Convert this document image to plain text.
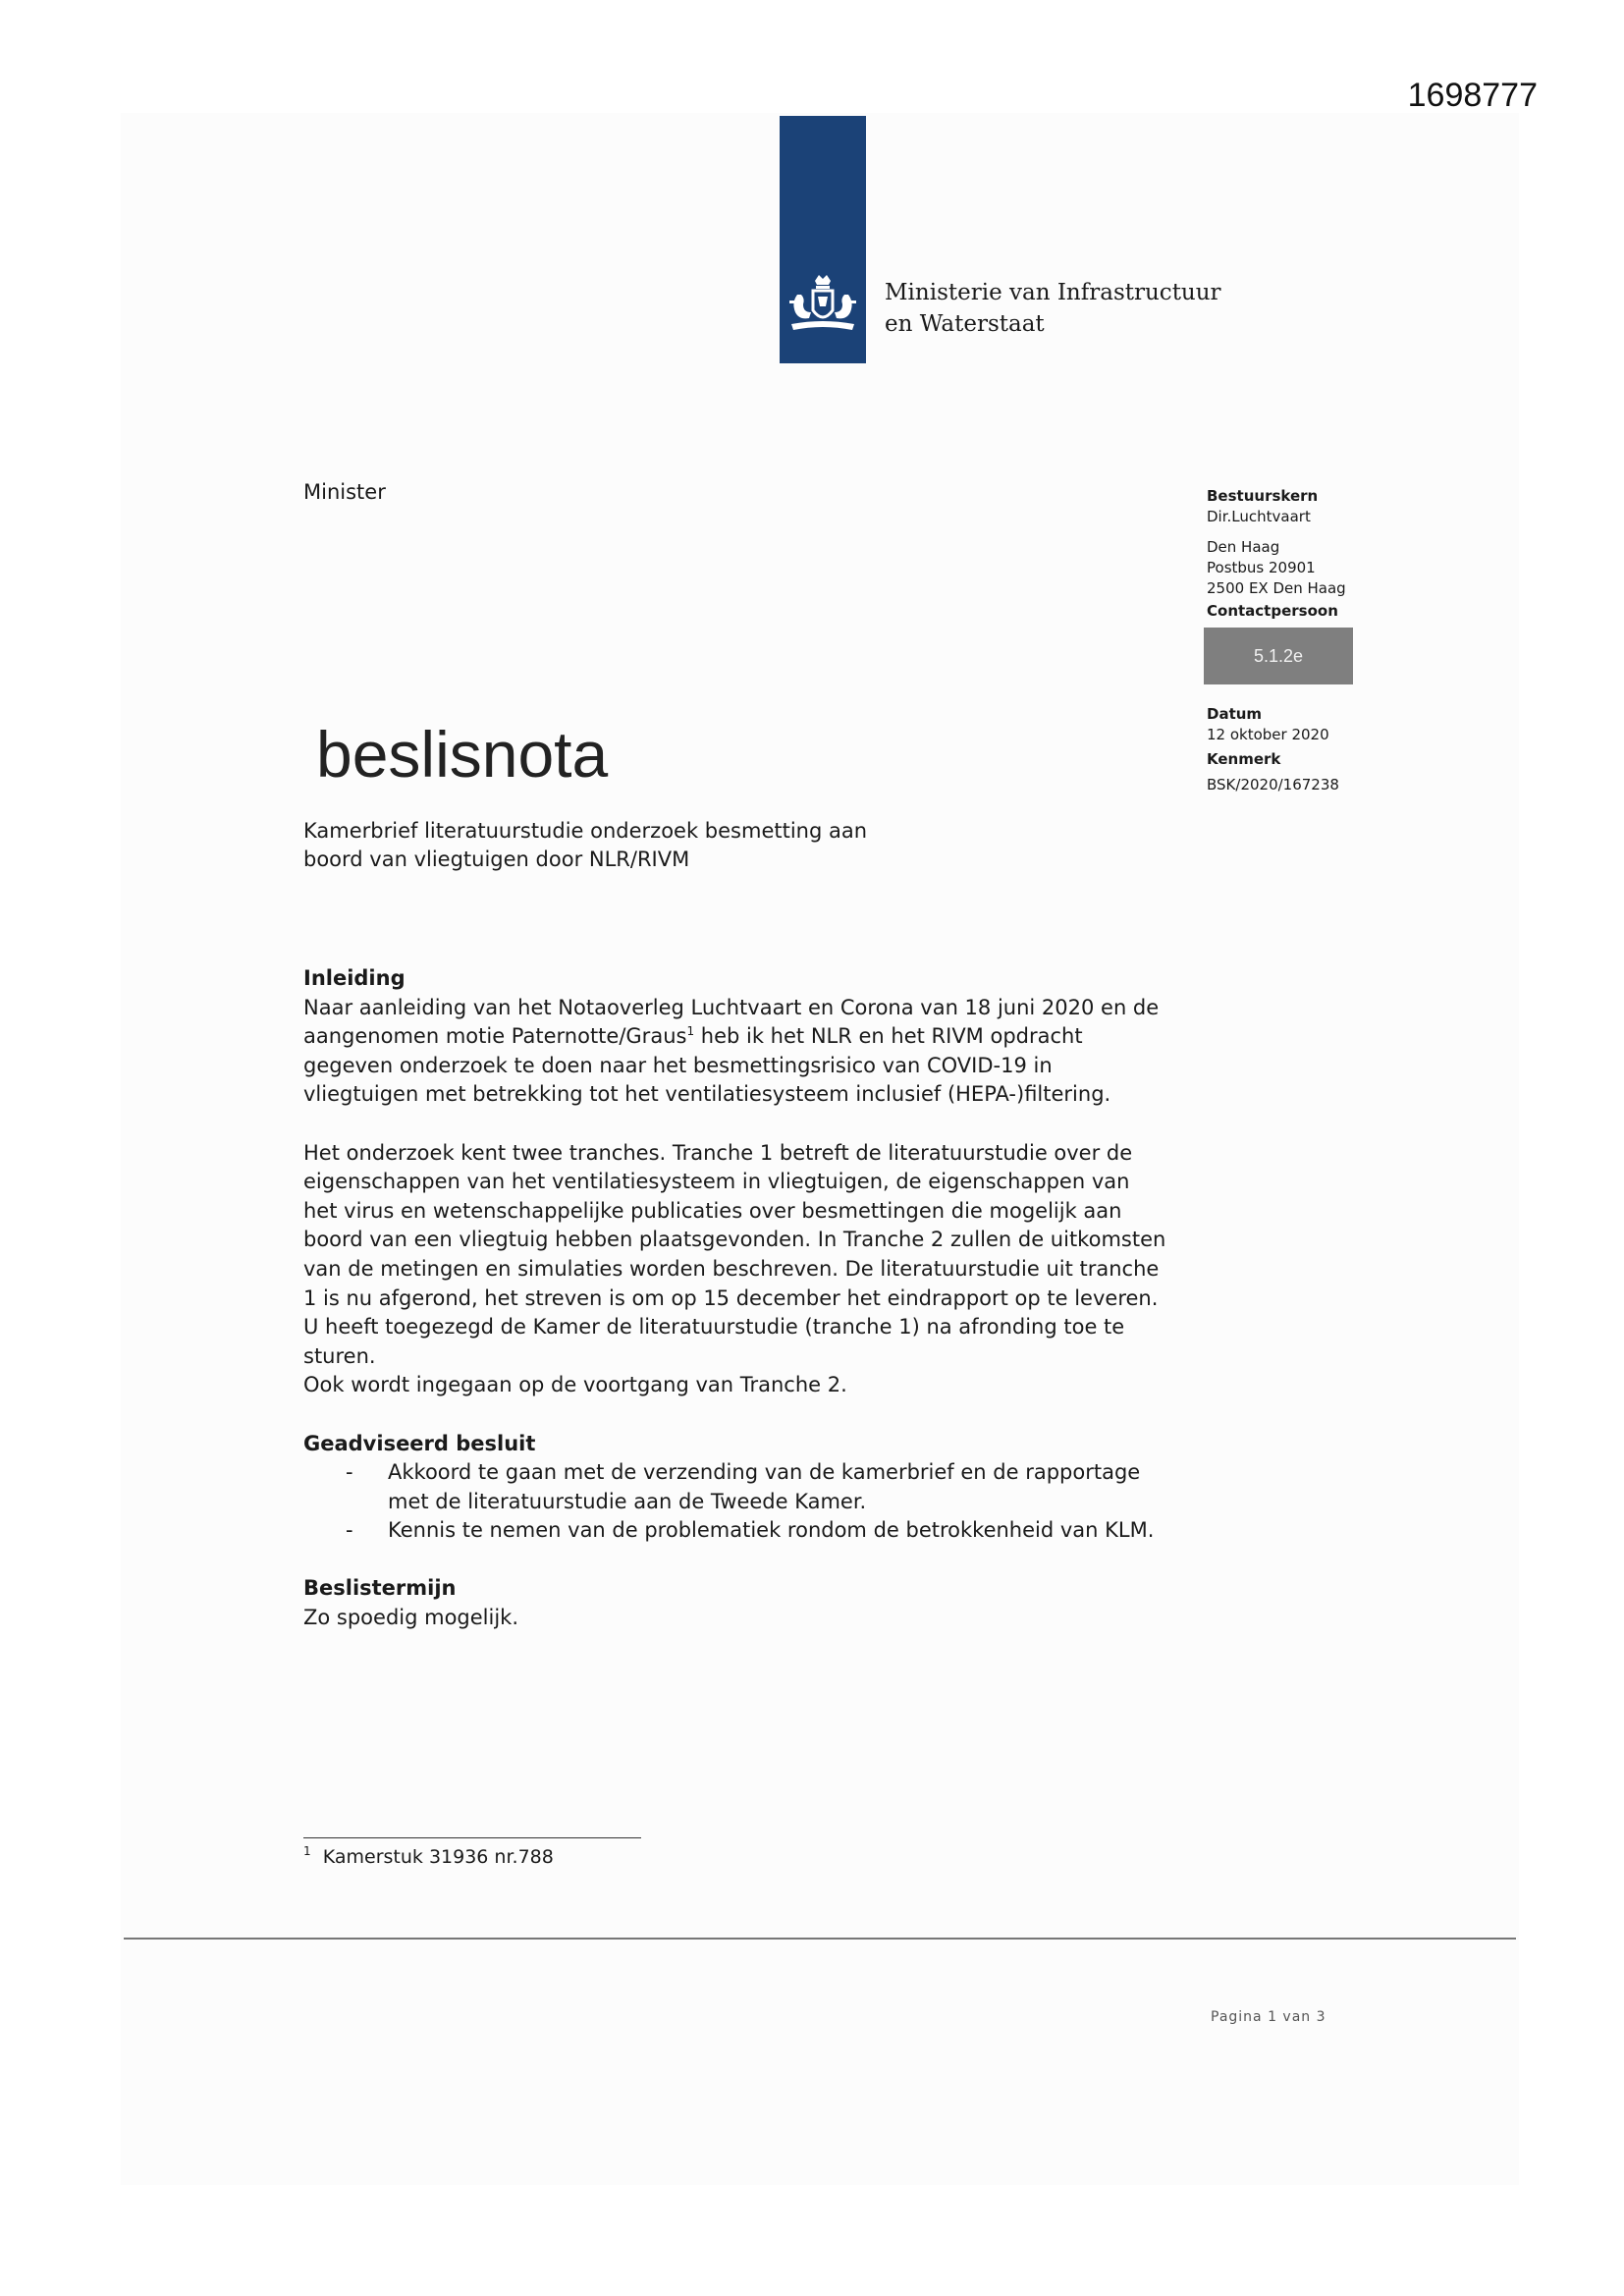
1698777
Ministerie van Infrastructuur
en Waterstaat
Minister	Bestuurskern
Dir.Luchtvaart
Den Haag
Postbus 20901
2500 EX Den Haag
Contactpersoon
5.1.2e
Datum
12 oktober 2020
Kenmerk
BSK/2020/167238
beslisnota
Kamerbrief literatuurstudie onderzoek besmetting aan
boord van vliegtuigen door NLR/RIVM
Inleiding

Naar aanleiding van het Notaoverleg Luchtvaart en Corona van 18 juni 2020 en de aangenomen motie Paternotte/Graus$^1$ heb ik het NLR en het RIVM opdracht gegeven onderzoek te doen naar het besmettingsrisico van COVID-19 in vliegtuigen met betrekking tot het ventilatiesysteem inclusief (HEPA-)filtering.

Het onderzoek kent twee tranches. Tranche 1 betreft de literatuurstudie over de eigenschappen van het ventilatiesysteem in vliegtuigen, de eigenschappen van het virus en wetenschappelijke publicaties over besmettingen die mogelijk aan boord van een vliegtuig hebben plaatsgevonden. In Tranche 2 zullen de uitkomsten van de metingen en simulaties worden beschreven. De literatuurstudie uit tranche 1 is nu afgerond, het streven is om op 15 december het eindrapport op te leveren.

U heeft toegezegd de Kamer de literatuurstudie (tranche 1) na afronding toe te sturen.

Ook wordt ingegaan op de voortgang van Tranche 2.

Geadviseerd besluit
- Akkoord te gaan met de verzending van de kamerbrief en de rapportage met de literatuurstudie aan de Tweede Kamer.
- Kennis te nemen van de problematiek rondom de betrokkenheid van KLM.
Beslistermijn

Zo spoedig mogelijk.

$^1$ Kamerstuk 31936 nr.788
Pagina 1 van 3
